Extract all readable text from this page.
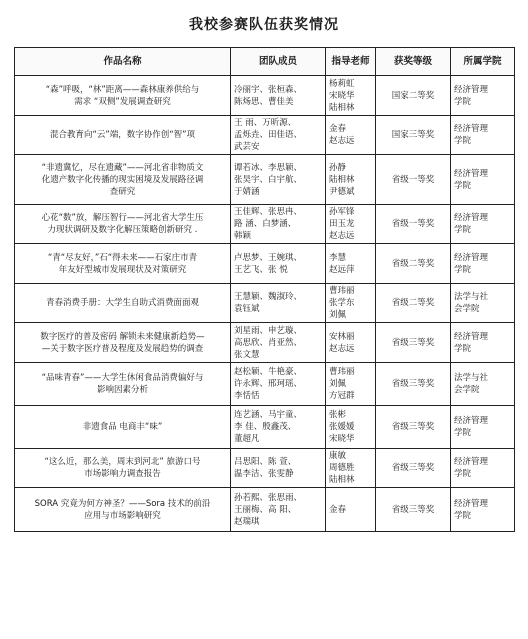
我校参赛队伍获奖情况
作品名称	团队成员	指导老师	获奖等级	所属学院

“森”呼吸，“林”距离——森林康养供给与
需求 “双侧”发展调查研究	冷丽宇、张桓森、
陈炀思、曹佳美	杨莉虹
宋晓华
陆相林	国家二等奖	经济管理
学院

混合教育向“云”端，数字协作创“智”项	王 雨、万昕源、
孟烁垚、田佳语、
武芸安	金春
赵志远	国家三等奖	经济管理
学院

“非遗冀忆，尽在遗藏”——河北省非物质文
化遗产数字化传播的现实困境及发展路径调
查研究	谭若冰、李思颖、
张昊宇、白宇航、
于婧涵	孙静
陆相林
尹德斌	省级一等奖	经济管理
学院

心花“数”放，解压智行——河北省大学生压
力现状调研及数字化解压策略创新研究 .	王佳辉、张思冉、
路 涵、白梦涵、
韩颖	孙军锋
田玉龙
赵志远	省级一等奖	经济管理
学院

“青“尽友好，”石“得未来——石家庄市青
年友好型城市发展现状及对策研究	卢思梦、王婉琪、
王艺飞、张 悦	李慧
赵远萍	省级二等奖	经济管理
学院

青春消费手册：大学生自助式消费面面观	王慧颖、魏淑玲、
袁钰斌	曹玮丽
张学东
刘佩	省级二等奖	法学与社
会学院

数字医疗的普及密码 解锁未来健康新趋势—
—关于数字医疗普及程度及发展趋势的调查	刘星雨、申艺璇、
高思欣、肖亚然、
张文慧	安林丽
赵志远	省级三等奖	经济管理
学院

“品味青春”——大学生休闲食品消费偏好与
影响因素分析	赵松颖、牛艳豪、
许永辉、邢珂瑶、
李恬恬	曹玮丽
刘佩
方冠群	省级三等奖	法学与社
会学院

非遗食品 电商丰“味”	连艺涵、马宇童、
李 佳、殷鑫茂、
董超凡	张彬
张媛媛
宋晓华	省级三等奖	经济管理
学院

“这么近，那么美，周末到河北” 旅游口号
市场影响力调查报告	吕思阳、陈 萱、
温李洁、张雯静	康敏
周德胜
陆相林	省级三等奖	经济管理
学院

SORA 究竟为何方神圣？——Sora 技术的前沿
应用与市场影响研究	孙若熙、张思雨、
王丽梅、高 阳、
赵瑞琪	金春	省级三等奖	经济管理
学院
